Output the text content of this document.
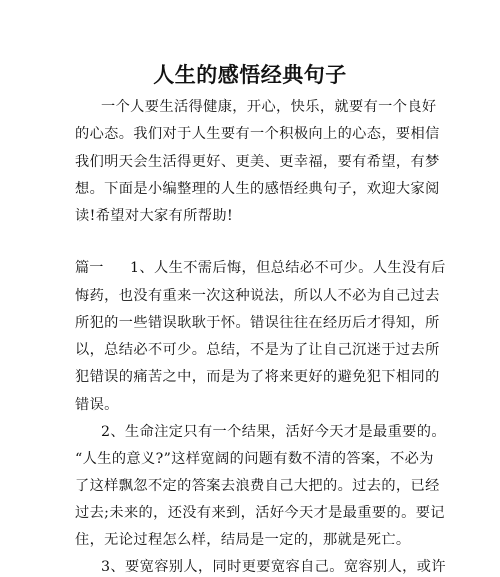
人生的感悟经典句子
一个人要生活得健康，开心，快乐，就要有一个良好
的心态。我们对于人生要有一个积极向上的心态，要相信
我们明天会生活得更好、更美、更幸福，要有希望，有梦
想。下面是小编整理的人生的感悟经典句子，欢迎大家阅
读!希望对大家有所帮助!
篇一 1、人生不需后悔，但总结必不可少。人生没有后
悔药，也没有重来一次这种说法，所以人不必为自己过去
所犯的一些错误耿耿于怀。错误往往在经历后才得知，所
以，总结必不可少。总结，不是为了让自己沉迷于过去所
犯错误的痛苦之中，而是为了将来更好的避免犯下相同的
错误。
2、生命注定只有一个结果，活好今天才是最重要的。
“人生的意义?”这样宽阔的问题有数不清的答案，不必为
了这样飘忽不定的答案去浪费自己大把的。过去的，已经
过去;未来的，还没有来到，活好今天才是最重要的。要记
住，无论过程怎么样，结局是一定的，那就是死亡。
3、要宽容别人，同时更要宽容自己。宽容别人，或许
